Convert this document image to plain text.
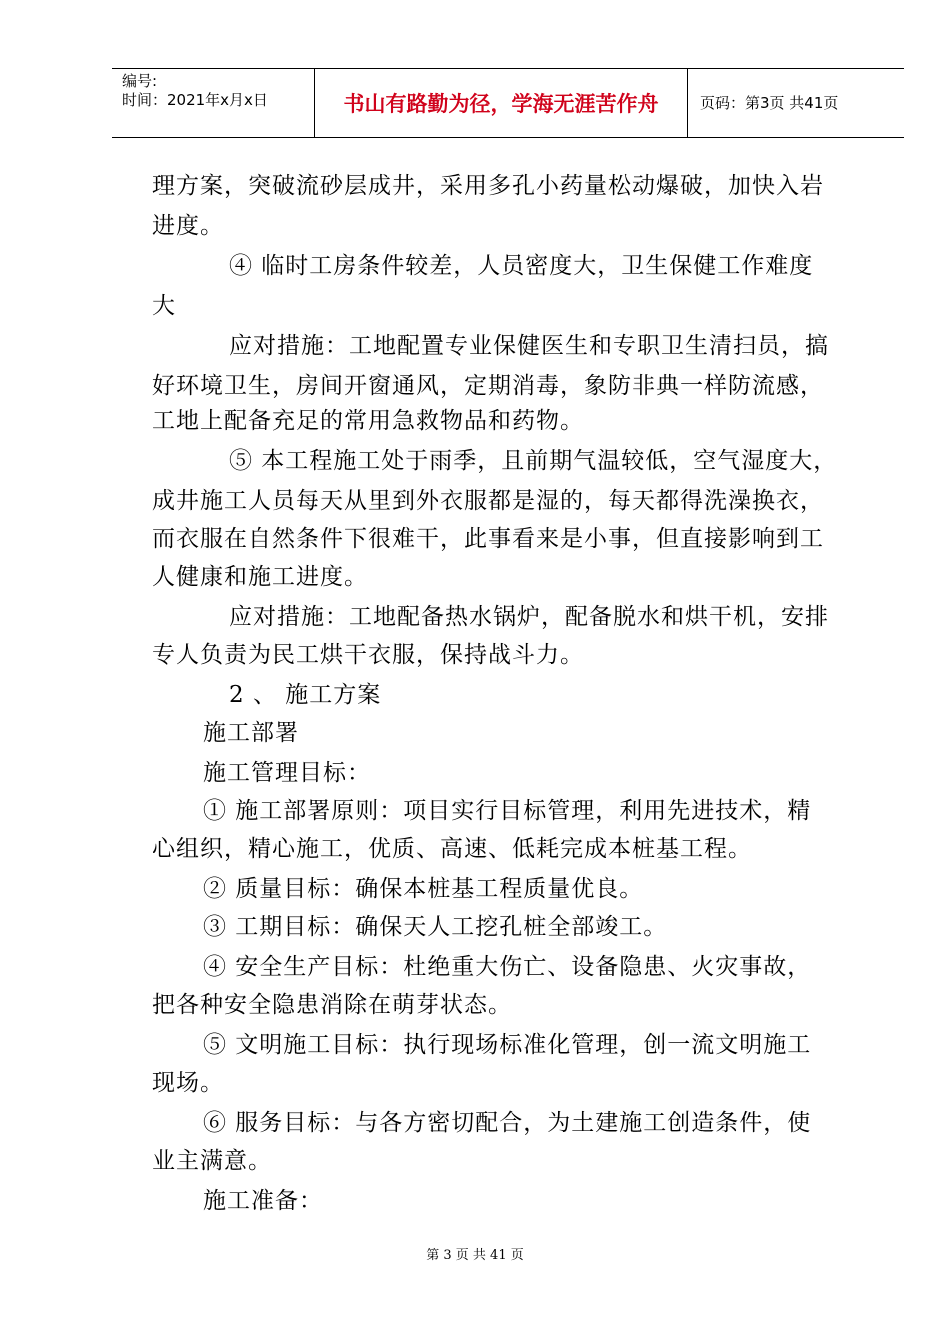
编号:
时间：2021年x月x日	书山有路勤为径，学海无涯苦作舟	页码：第3页 共41页
理方案，突破流砂层成井，采用多孔小药量松动爆破，加快入岩
进度。
④ 临时工房条件较差，人员密度大，卫生保健工作难度
大
应对措施：工地配置专业保健医生和专职卫生清扫员，搞
好环境卫生，房间开窗通风，定期消毒，象防非典一样防流感，
工地上配备充足的常用急救物品和药物。
⑤ 本工程施工处于雨季，且前期气温较低，空气湿度大，
成井施工人员每天从里到外衣服都是湿的，每天都得洗澡换衣，
而衣服在自然条件下很难干，此事看来是小事，但直接影响到工
人健康和施工进度。
应对措施：工地配备热水锅炉，配备脱水和烘干机，安排
专人负责为民工烘干衣服，保持战斗力。
2 、 施工方案
施工部署
施工管理目标：
① 施工部署原则：项目实行目标管理，利用先进技术，精
心组织，精心施工，优质、高速、低耗完成本桩基工程。
② 质量目标：确保本桩基工程质量优良。
③ 工期目标：确保天人工挖孔桩全部竣工。
④ 安全生产目标：杜绝重大伤亡、设备隐患、火灾事故，
把各种安全隐患消除在萌芽状态。
⑤ 文明施工目标：执行现场标准化管理，创一流文明施工
现场。
⑥ 服务目标：与各方密切配合，为土建施工创造条件，使
业主满意。
施工准备：
第 3 页 共 41 页
